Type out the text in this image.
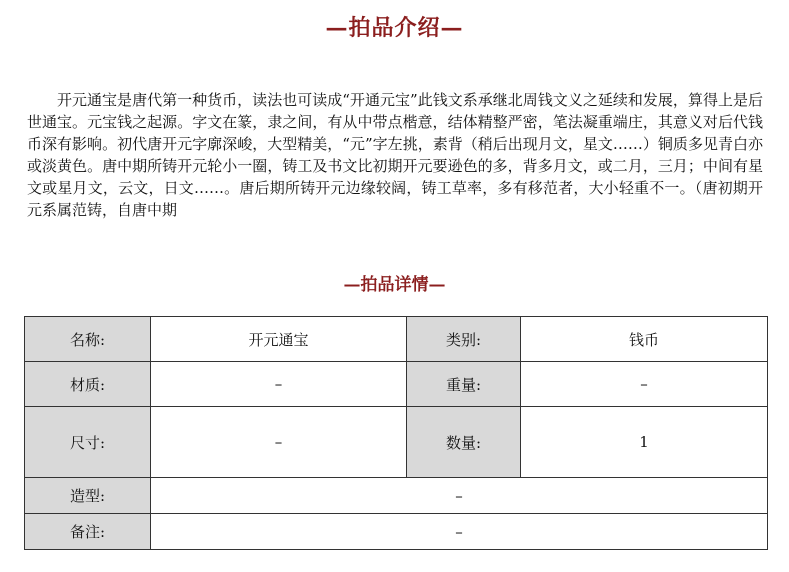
—拍品介绍—

开元通宝是唐代第一种货币，读法也可读成“开通元宝”此钱文系承继北周钱文义之延续和发展，算得上是后世通宝。元宝钱之起源。字文在篆，隶之间，有从中带点楷意，结体精整严密，笔法凝重端庄，其意义对后代钱币深有影响。初代唐开元字廓深峻，大型精美，“元”字左挑，素背（稍后出现月文，星文……）铜质多见青白亦或淡黄色。唐中期所铸开元轮小一圈，铸工及书文比初期开元要逊色的多，背多月文，或二月，三月；中间有星文或星月文，云文，日文……。唐后期所铸开元边缘较阔，铸工草率，多有移范者，大小轻重不一。（唐初期开元系属范铸，自唐中期

—拍品详情—
名称:	开元通宝	类别:	钱币
材质:	–	重量:	–
尺寸:	–	数量:	1
造型:	–		
备注:	–		
